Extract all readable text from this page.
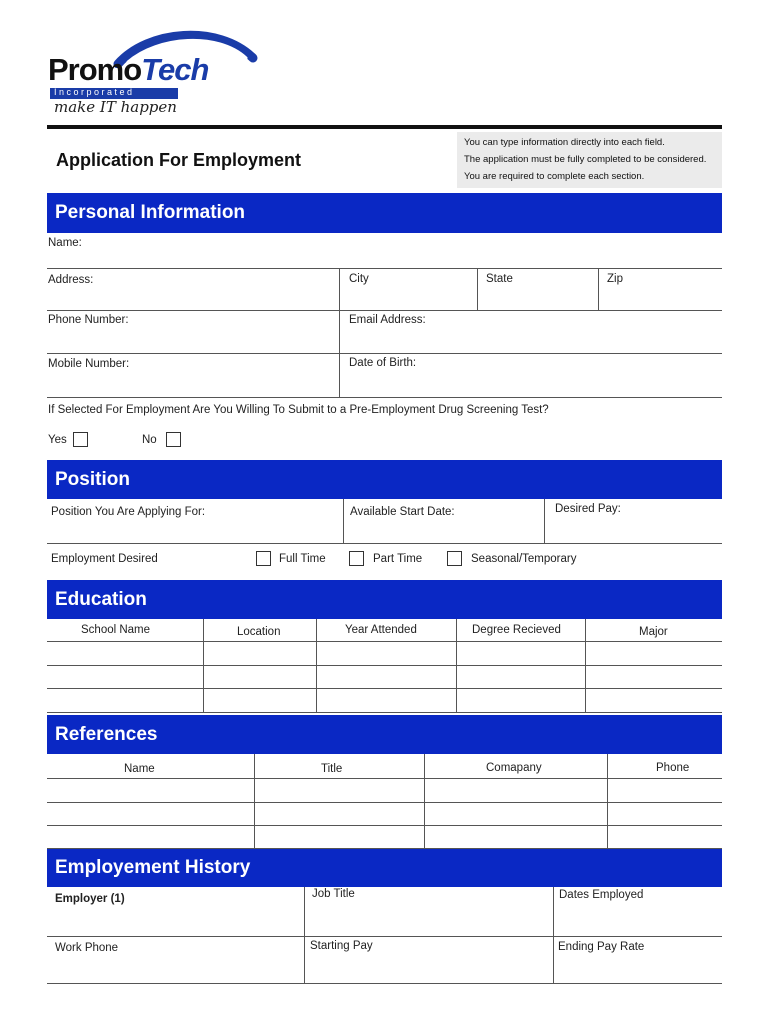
PromoTech
Incorporated
make IT happen
Application For Employment
You can type information directly into each field.
The application must be fully completed to be considered.
You are required to complete each section.
Personal Information
Name:
Address:	City	State	Zip
Phone Number:	Email Address:
Mobile Number:	Date of Birth:
If Selected For Employment Are You Willing To Submit to a Pre-Employment Drug Screening Test?
Yes	No
Position
Position You Are Applying For:	Available Start Date:	Desired Pay:
Employment Desired	Full Time	Part Time	Seasonal/Temporary
Education
School Name	Location	Year Attended	Degree Recieved	Major
References
Name	Title	Comapany	Phone
Employement History
Employer (1)	Job Title	Dates Employed
Work Phone	Starting Pay	Ending Pay Rate
